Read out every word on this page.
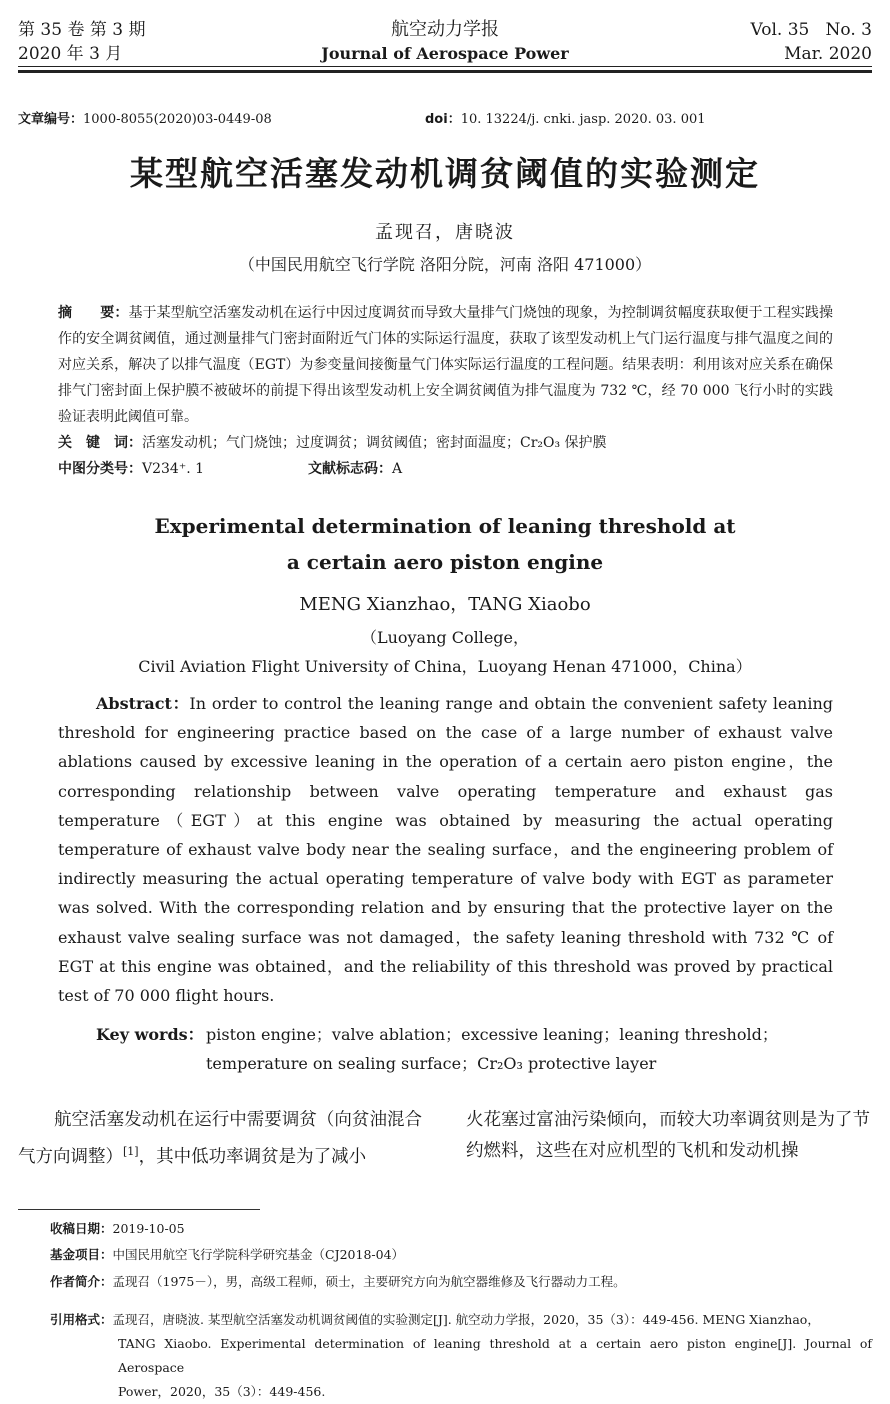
第 35 卷 第 3 期
2020 年 3 月
航空动力学报
Journal of Aerospace Power
Vol. 35   No. 3
Mar. 2020
文章编号：1000-8055(2020)03-0449-08	doi：10. 13224/j. cnki. jasp. 2020. 03. 001
某型航空活塞发动机调贫阈值的实验测定
孟现召，唐晓波
（中国民用航空飞行学院 洛阳分院，河南 洛阳 471000）
摘　　要：基于某型航空活塞发动机在运行中因过度调贫而导致大量排气门烧蚀的现象，为控制调贫幅度获取便于工程实践操作的安全调贫阈值，通过测量排气门密封面附近气门体的实际运行温度，获取了该型发动机上气门运行温度与排气温度之间的对应关系，解决了以排气温度（EGT）为参变量间接衡量气门体实际运行温度的工程问题。结果表明：利用该对应关系在确保排气门密封面上保护膜不被破坏的前提下得出该型发动机上安全调贫阈值为排气温度为 732 ℃，经 70 000 飞行小时的实践验证表明此阈值可靠。
关　键　词：活塞发动机；气门烧蚀；过度调贫；调贫阈值；密封面温度；Cr₂O₃ 保护膜
中图分类号：V234⁺. 1	文献标志码：A
Experimental determination of leaning threshold at
a certain aero piston engine
MENG Xianzhao，TANG Xiaobo
（Luoyang College，
Civil Aviation Flight University of China，Luoyang Henan 471000，China）
Abstract：In order to control the leaning range and obtain the convenient safety leaning threshold for engineering practice based on the case of a large number of exhaust valve ablations caused by excessive leaning in the operation of a certain aero piston engine，the corresponding relationship between valve operating temperature and exhaust gas temperature（EGT）at this engine was obtained by measuring the actual operating temperature of exhaust valve body near the sealing surface，and the engineering problem of indirectly measuring the actual operating temperature of valve body with EGT as parameter was solved. With the corresponding relation and by ensuring that the protective layer on the exhaust valve sealing surface was not damaged，the safety leaning threshold with 732 ℃ of EGT at this engine was obtained，and the reliability of this threshold was proved by practical test of 70 000 flight hours.
Key words： piston engine；valve ablation；excessive leaning；leaning threshold；
temperature on sealing surface；Cr₂O₃ protective layer
航空活塞发动机在运行中需要调贫（向贫油混合气方向调整）[1]，其中低功率调贫是为了减小
火花塞过富油污染倾向，而较大功率调贫则是为了节约燃料，这些在对应机型的飞机和发动机操
收稿日期：2019-10-05
基金项目：中国民用航空飞行学院科学研究基金（CJ2018-04）
作者简介：孟现召（1975－），男，高级工程师，硕士，主要研究方向为航空器维修及飞行器动力工程。
引用格式：孟现召，唐晓波. 某型航空活塞发动机调贫阈值的实验测定[J]. 航空动力学报，2020，35（3）：449-456. MENG Xianzhao，
TANG Xiaobo. Experimental determination of leaning threshold at a certain aero piston engine[J]. Journal of Aerospace
Power，2020，35（3）：449-456.
